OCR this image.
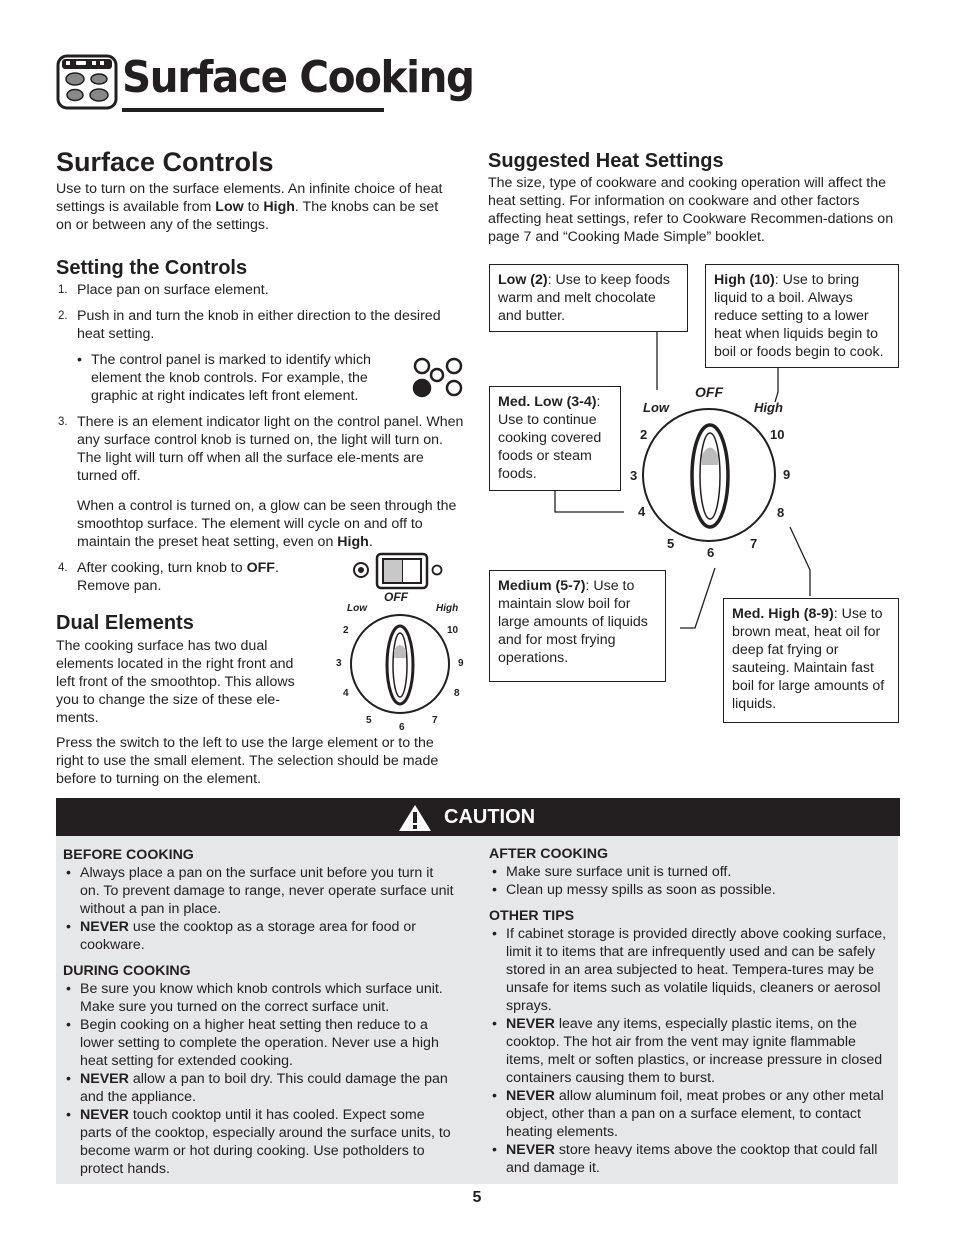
Surface Cooking
Surface Controls

Use to turn on the surface elements. An infinite choice of heat settings is available from Low to High. The knobs can be set on or between any of the settings.

Setting the Controls
1. Place pan on surface element.
2. Push in and turn the knob in either direction to the desired heat setting.
• The control panel is marked to identify which element the knob controls. For example, the graphic at right indicates left front element.
3. There is an element indicator light on the control panel. When any surface control knob is turned on, the light will turn on. The light will turn off when all the surface ele-ments are turned off.

When a control is turned on, a glow can be seen through the smoothtop surface. The element will cycle on and off to maintain the preset heat setting, even on High.

4. After cooking, turn knob to OFF. Remove pan.
OFF
Low	High
2
3
4
5
6
7
8
9
10
Dual Elements

The cooking surface has two dual elements located in the right front and left front of the smoothtop. This allows you to change the size of these ele-ments.

Press the switch to the left to use the large element or to the right to use the small element. The selection should be made before to turning on the element.

Suggested Heat Settings

The size, type of cookware and cooking operation will affect the heat setting. For information on cookware and other factors affecting heat settings, refer to Cookware Recommen-dations on page 7 and “Cooking Made Simple” booklet.

OFF
Low	High
2
3
4
5
6
7
8
9
10
Low (2): Use to keep foods warm and melt chocolate and butter.
High (10): Use to bring liquid to a boil. Always reduce setting to a lower heat when liquids begin to boil or foods begin to cook.
Med. Low (3-4): Use to continue cooking covered foods or steam foods.
Medium (5-7): Use to maintain slow boil for large amounts of liquids and for most frying operations.
Med. High (8-9): Use to brown meat, heat oil for deep fat frying or sauteing. Maintain fast boil for large amounts of liquids.
CAUTION
BEFORE COOKING
• Always place a pan on the surface unit before you turn it on. To prevent damage to range, never operate surface unit without a pan in place.
• NEVER use the cooktop as a storage area for food or cookware.
DURING COOKING
• Be sure you know which knob controls which surface unit. Make sure you turned on the correct surface unit.
• Begin cooking on a higher heat setting then reduce to a lower setting to complete the operation. Never use a high heat setting for extended cooking.
• NEVER allow a pan to boil dry. This could damage the pan and the appliance.
• NEVER touch cooktop until it has cooled. Expect some parts of the cooktop, especially around the surface units, to become warm or hot during cooking. Use potholders to protect hands.
AFTER COOKING
• Make sure surface unit is turned off.
• Clean up messy spills as soon as possible.
OTHER TIPS
• If cabinet storage is provided directly above cooking surface, limit it to items that are infrequently used and can be safely stored in an area subjected to heat. Tempera-tures may be unsafe for items such as volatile liquids, cleaners or aerosol sprays.
• NEVER leave any items, especially plastic items, on the cooktop. The hot air from the vent may ignite flammable items, melt or soften plastics, or increase pressure in closed containers causing them to burst.
• NEVER allow aluminum foil, meat probes or any other metal object, other than a pan on a surface element, to contact heating elements.
• NEVER store heavy items above the cooktop that could fall and damage it.
5
